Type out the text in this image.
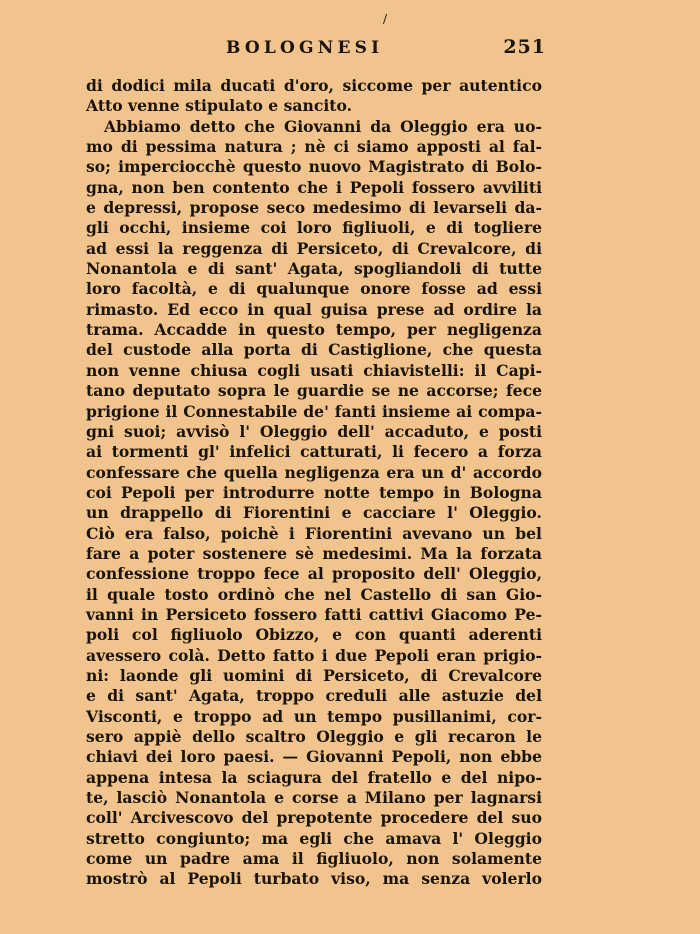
/
BOLOGNESI	251
di dodici mila ducati d'oro, siccome per autentico
Atto venne stipulato e sancito.
Abbiamo detto che Giovanni da Oleggio era uo-
mo di pessima natura ; nè ci siamo apposti al fal-
so; imperciocchè questo nuovo Magistrato di Bolo-
gna, non ben contento che i Pepoli fossero avviliti
e depressi, propose seco medesimo di levarseli da-
gli occhi, insieme coi loro figliuoli, e di togliere
ad essi la reggenza di Persiceto, di Crevalcore, di
Nonantola e di sant' Agata, spogliandoli di tutte
loro facoltà, e di qualunque onore fosse ad essi
rimasto. Ed ecco in qual guisa prese ad ordire la
trama. Accadde in questo tempo, per negligenza
del custode alla porta di Castiglione, che questa
non venne chiusa cogli usati chiavistelli: il Capi-
tano deputato sopra le guardie se ne accorse; fece
prigione il Connestabile de' fanti insieme ai compa-
gni suoi; avvisò l' Oleggio dell' accaduto, e posti
ai tormenti gl' infelici catturati, li fecero a forza
confessare che quella negligenza era un d' accordo
coi Pepoli per introdurre notte tempo in Bologna
un drappello di Fiorentini e cacciare l' Oleggio.
Ciò era falso, poichè i Fiorentini avevano un bel
fare a poter sostenere sè medesimi. Ma la forzata
confessione troppo fece al proposito dell' Oleggio,
il quale tosto ordinò che nel Castello di san Gio-
vanni in Persiceto fossero fatti cattivi Giacomo Pe-
poli col figliuolo Obizzo, e con quanti aderenti
avessero colà. Detto fatto i due Pepoli eran prigio-
ni: laonde gli uomini di Persiceto, di Crevalcore
e di sant' Agata, troppo creduli alle astuzie del
Visconti, e troppo ad un tempo pusillanimi, cor-
sero appiè dello scaltro Oleggio e gli recaron le
chiavi dei loro paesi. — Giovanni Pepoli, non ebbe
appena intesa la sciagura del fratello e del nipo-
te, lasciò Nonantola e corse a Milano per lagnarsi
coll' Arcivescovo del prepotente procedere del suo
stretto congiunto; ma egli che amava l' Oleggio
come un padre ama il figliuolo, non solamente
mostrò al Pepoli turbato viso, ma senza volerlo
